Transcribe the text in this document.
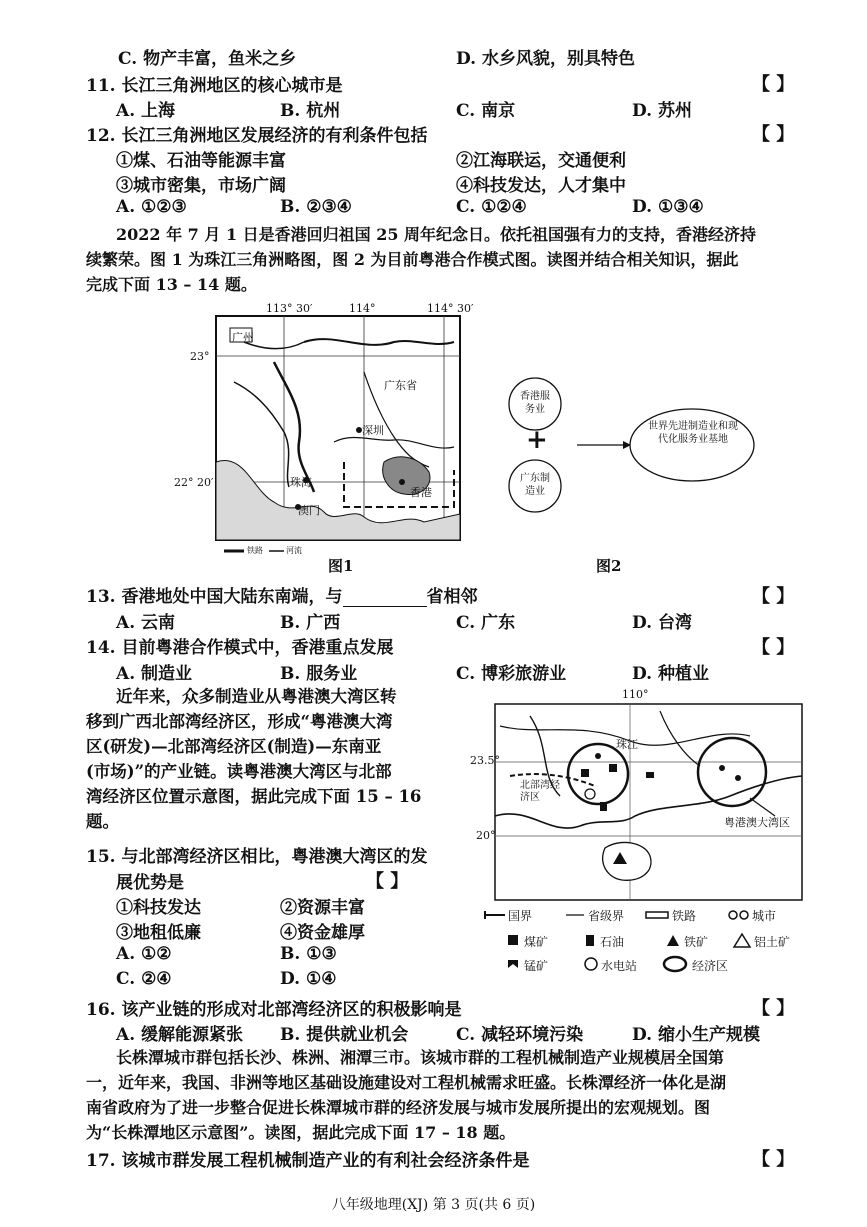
C. 物产丰富，鱼米之乡	D. 水乡风貌，别具特色
11. 长江三角洲地区的核心城市是	【 】
A. 上海	B. 杭州	C. 南京	D. 苏州
12. 长江三角洲地区发展经济的有利条件包括	【 】
①煤、石油等能源丰富	②江海联运，交通便利
③城市密集，市场广阔	④科技发达，人才集中
A. ①②③	B. ②③④	C. ①②④	D. ①③④
2022 年 7 月 1 日是香港回归祖国 25 周年纪念日。依托祖国强有力的支持，香港经济持
续繁荣。图 1 为珠江三角洲略图，图 2 为目前粤港合作模式图。读图并结合相关知识，据此
完成下面 13 – 14 题。
113° 30′	114°	114° 30′
23°
22° 20′
广州
广东省
深圳
珠海
香港
澳门
铁路	河流
图1
香港服务业
+
广东制造业
世界先进制造业和现代化服务业基地
图2
13. 香港地处中国大陆东南端，与	省相邻	【 】
A. 云南	B. 广西	C. 广东	D. 台湾
14. 目前粤港合作模式中，香港重点发展	【 】
A. 制造业	B. 服务业	C. 博彩旅游业	D. 种植业
近年来，众多制造业从粤港澳大湾区转
移到广西北部湾经济区，形成“粤港澳大湾
区(研发)—北部湾经济区(制造)—东南亚
(市场)”的产业链。读粤港澳大湾区与北部
湾经济区位置示意图，据此完成下面 15 – 16
题。
110°
23.5°
20°
珠江
北部湾经济区
粤港澳大湾区
国界	省级界	铁路	城市
煤矿	石油	铁矿	铝土矿
锰矿	水电站	经济区
15. 与北部湾经济区相比，粤港澳大湾区的发
展优势是	【 】
①科技发达	②资源丰富
③地租低廉	④资金雄厚
A. ①②	B. ①③
C. ②④	D. ①④
16. 该产业链的形成对北部湾经济区的积极影响是	【 】
A. 缓解能源紧张 B. 提供就业机会	C. 减轻环境污染	D. 缩小生产规模
长株潭城市群包括长沙、株洲、湘潭三市。该城市群的工程机械制造产业规模居全国第
一，近年来，我国、非洲等地区基础设施建设对工程机械需求旺盛。长株潭经济一体化是湖
南省政府为了进一步整合促进长株潭城市群的经济发展与城市发展所提出的宏观规划。图
为“长株潭地区示意图”。读图，据此完成下面 17 – 18 题。
17. 该城市群发展工程机械制造产业的有利社会经济条件是	【 】
八年级地理(XJ) 第 3 页(共 6 页)
